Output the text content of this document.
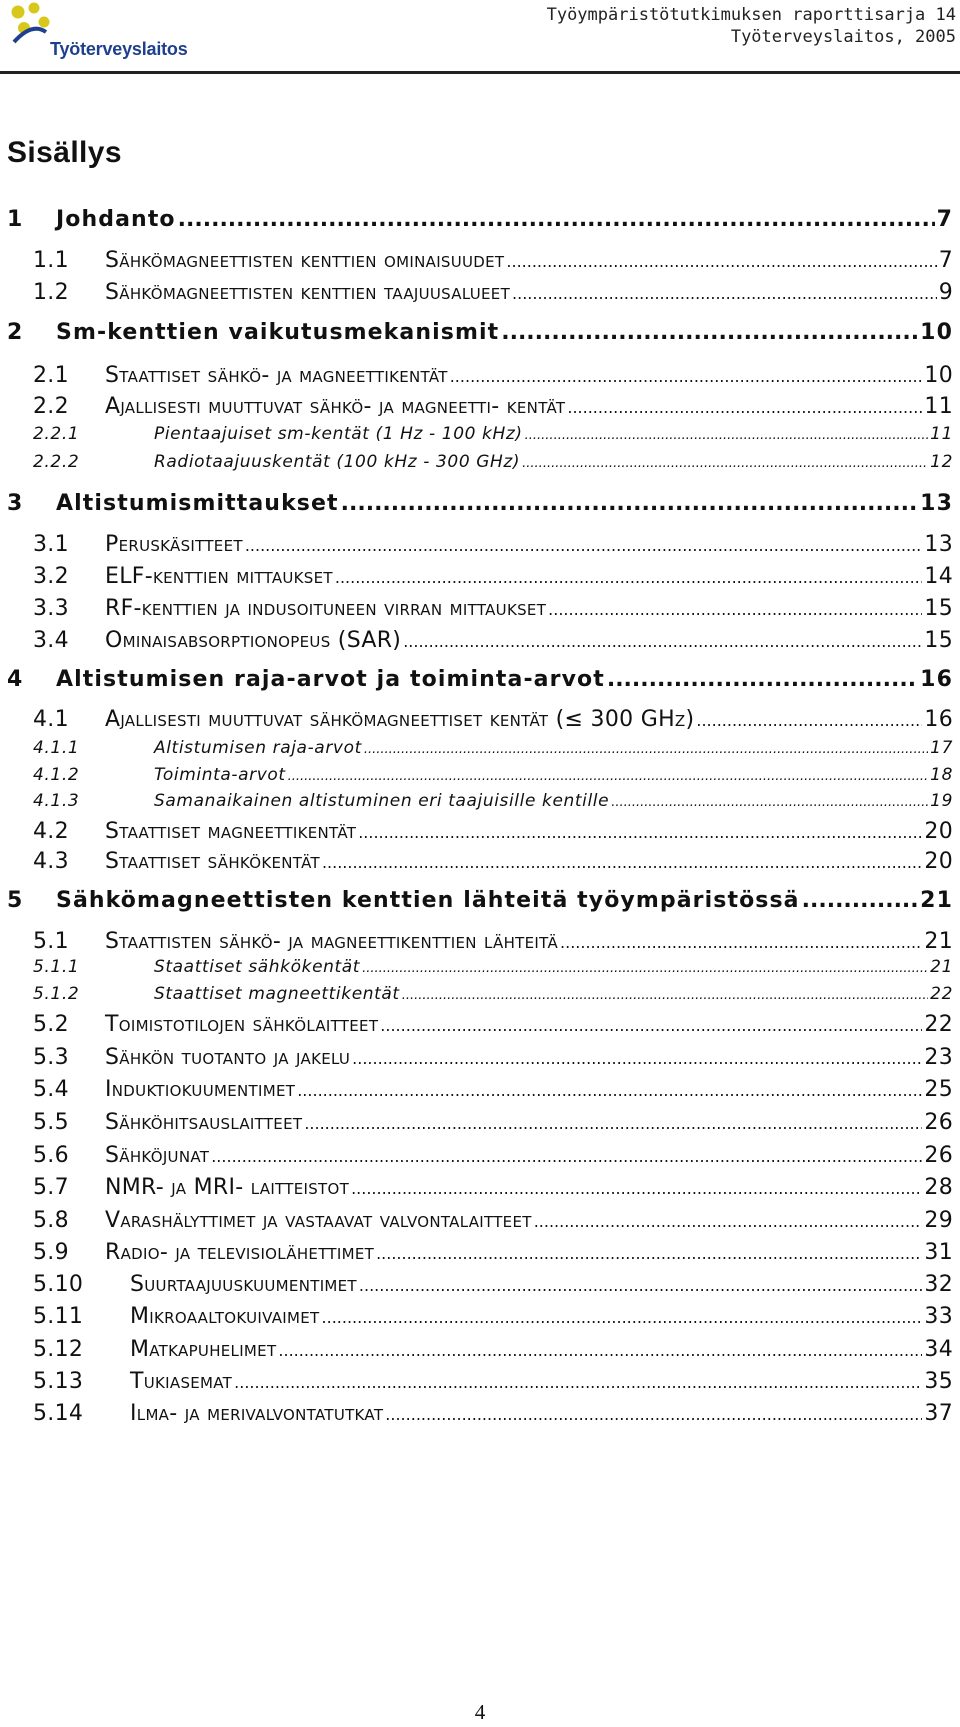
Työterveyslaitos
Työympäristötutkimuksen raporttisarja 14
Työterveyslaitos, 2005
Sisällys
1	Johdanto .....	7
1.1	Sähkömagneettisten kenttien ominaisuudet .....	7
1.2	Sähkömagneettisten kenttien taajuusalueet .....	9
2	Sm-kenttien vaikutusmekanismit .....	10
2.1	Staattiset sähkö- ja magneettikentät .....	10
2.2	Ajallisesti muuttuvat sähkö- ja magneetti- kentät .....	11
2.2.1	Pientaajuiset sm-kentät (1 Hz - 100 kHz) .....	11
2.2.2	Radiotaajuuskentät (100 kHz - 300 GHz) .....	12
3	Altistumismittaukset .....	13
3.1	Peruskäsitteet .....	13
3.2	ELF-kenttien mittaukset .....	14
3.3	RF-kenttien ja indusoituneen virran mittaukset .....	15
3.4	Ominaisabsorptionopeus (SAR) .....	15
4	Altistumisen raja-arvot ja toiminta-arvot .....	16
4.1	Ajallisesti muuttuvat sähkömagneettiset kentät (≤ 300 GHz) .....	16
4.1.1	Altistumisen raja-arvot .....	17
4.1.2	Toiminta-arvot .....	18
4.1.3	Samanaikainen altistuminen eri taajuisille kentille .....	19
4.2	Staattiset magneettikentät .....	20
4.3	Staattiset sähkökentät .....	20
5	Sähkömagneettisten kenttien lähteitä työympäristössä .....	21
5.1	Staattisten sähkö- ja magneettikenttien lähteitä .....	21
5.1.1	Staattiset sähkökentät .....	21
5.1.2	Staattiset magneettikentät .....	22
5.2	Toimistotilojen sähkölaitteet .....	22
5.3	Sähkön tuotanto ja jakelu .....	23
5.4	Induktiokuumentimet .....	25
5.5	Sähköhitsauslaitteet .....	26
5.6	Sähköjunat .....	26
5.7	NMR- ja MRI- laitteistot .....	28
5.8	Varashälyttimet ja vastaavat valvontalaitteet .....	29
5.9	Radio- ja televisiolähettimet .....	31
5.10	Suurtaajuuskuumentimet .....	32
5.11	Mikroaaltokuivaimet .....	33
5.12	Matkapuhelimet .....	34
5.13	Tukiasemat .....	35
5.14	Ilma- ja merivalvontatutkat .....	37
4
